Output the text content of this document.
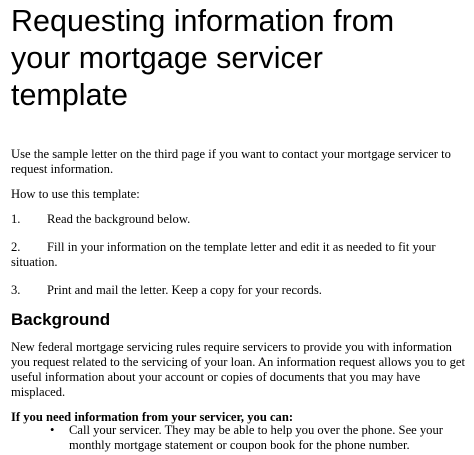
Requesting information from
your mortgage servicer
template

Use the sample letter on the third page if you want to contact your mortgage servicer to request information.

How to use this template:

1. Read the background below.

2. Fill in your information on the template letter and edit it as needed to fit your situation.

3. Print and mail the letter. Keep a copy for your records.

Background

New federal mortgage servicing rules require servicers to provide you with information you request related to the servicing of your loan. An information request allows you to get useful information about your account or copies of documents that you may have misplaced.

If you need information from your servicer, you can:

• Call your servicer. They may be able to help you over the phone. See your monthly mortgage statement or coupon book for the phone number.
